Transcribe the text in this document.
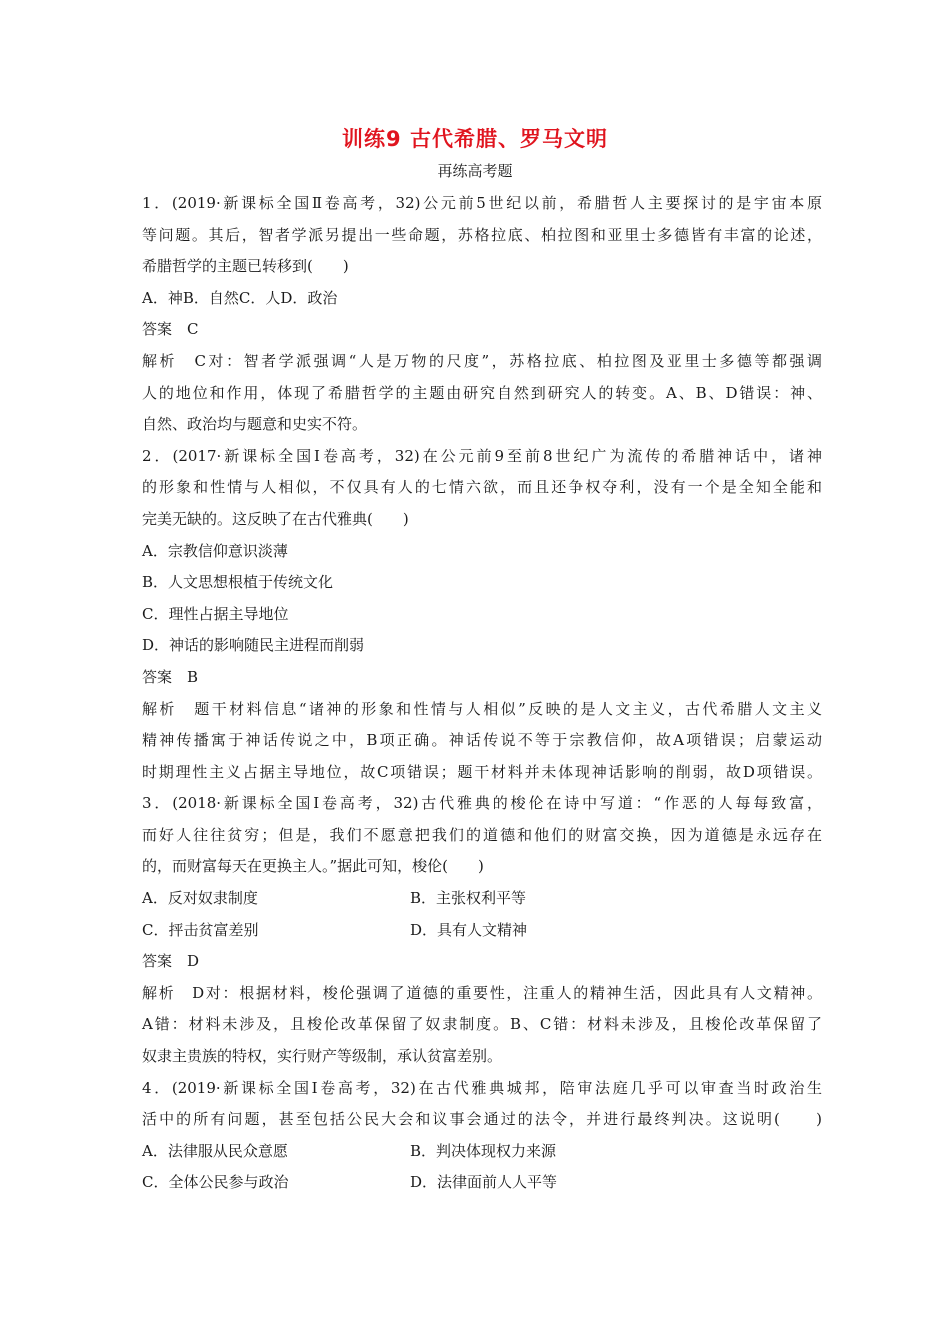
训练9 古代希腊、罗马文明
再练高考题
1．(2019·新课标全国Ⅱ卷高考，32)公元前5世纪以前，希腊哲人主要探讨的是宇宙本原
等问题。其后，智者学派另提出一些命题，苏格拉底、柏拉图和亚里士多德皆有丰富的论述，
希腊哲学的主题已转移到(　　)
A．神B．自然C．人D．政治
答案　C
解析　C对：智者学派强调“人是万物的尺度”，苏格拉底、柏拉图及亚里士多德等都强调
人的地位和作用，体现了希腊哲学的主题由研究自然到研究人的转变。A、B、D错误：神、
自然、政治均与题意和史实不符。
2．(2017·新课标全国Ⅰ卷高考，32)在公元前9至前8世纪广为流传的希腊神话中，诸神
的形象和性情与人相似，不仅具有人的七情六欲，而且还争权夺利，没有一个是全知全能和
完美无缺的。这反映了在古代雅典(　　)
A．宗教信仰意识淡薄
B．人文思想根植于传统文化
C．理性占据主导地位
D．神话的影响随民主进程而削弱
答案　B
解析　题干材料信息“诸神的形象和性情与人相似”反映的是人文主义，古代希腊人文主义
精神传播寓于神话传说之中，B项正确。神话传说不等于宗教信仰，故A项错误；启蒙运动
时期理性主义占据主导地位，故C项错误；题干材料并未体现神话影响的削弱，故D项错误。
3．(2018·新课标全国Ⅰ卷高考，32)古代雅典的梭伦在诗中写道：“作恶的人每每致富，
而好人往往贫穷；但是，我们不愿意把我们的道德和他们的财富交换，因为道德是永远存在
的，而财富每天在更换主人。”据此可知，梭伦(　　)
A．反对奴隶制度	B．主张权利平等
C．抨击贫富差别	D．具有人文精神
答案　D
解析　D对：根据材料，梭伦强调了道德的重要性，注重人的精神生活，因此具有人文精神。
A错：材料未涉及，且梭伦改革保留了奴隶制度。B、C错：材料未涉及，且梭伦改革保留了
奴隶主贵族的特权，实行财产等级制，承认贫富差别。
4．(2019·新课标全国Ⅰ卷高考，32)在古代雅典城邦，陪审法庭几乎可以审查当时政治生
活中的所有问题，甚至包括公民大会和议事会通过的法令，并进行最终判决。这说明(　　)
A．法律服从民众意愿	B．判决体现权力来源
C．全体公民参与政治	D．法律面前人人平等
